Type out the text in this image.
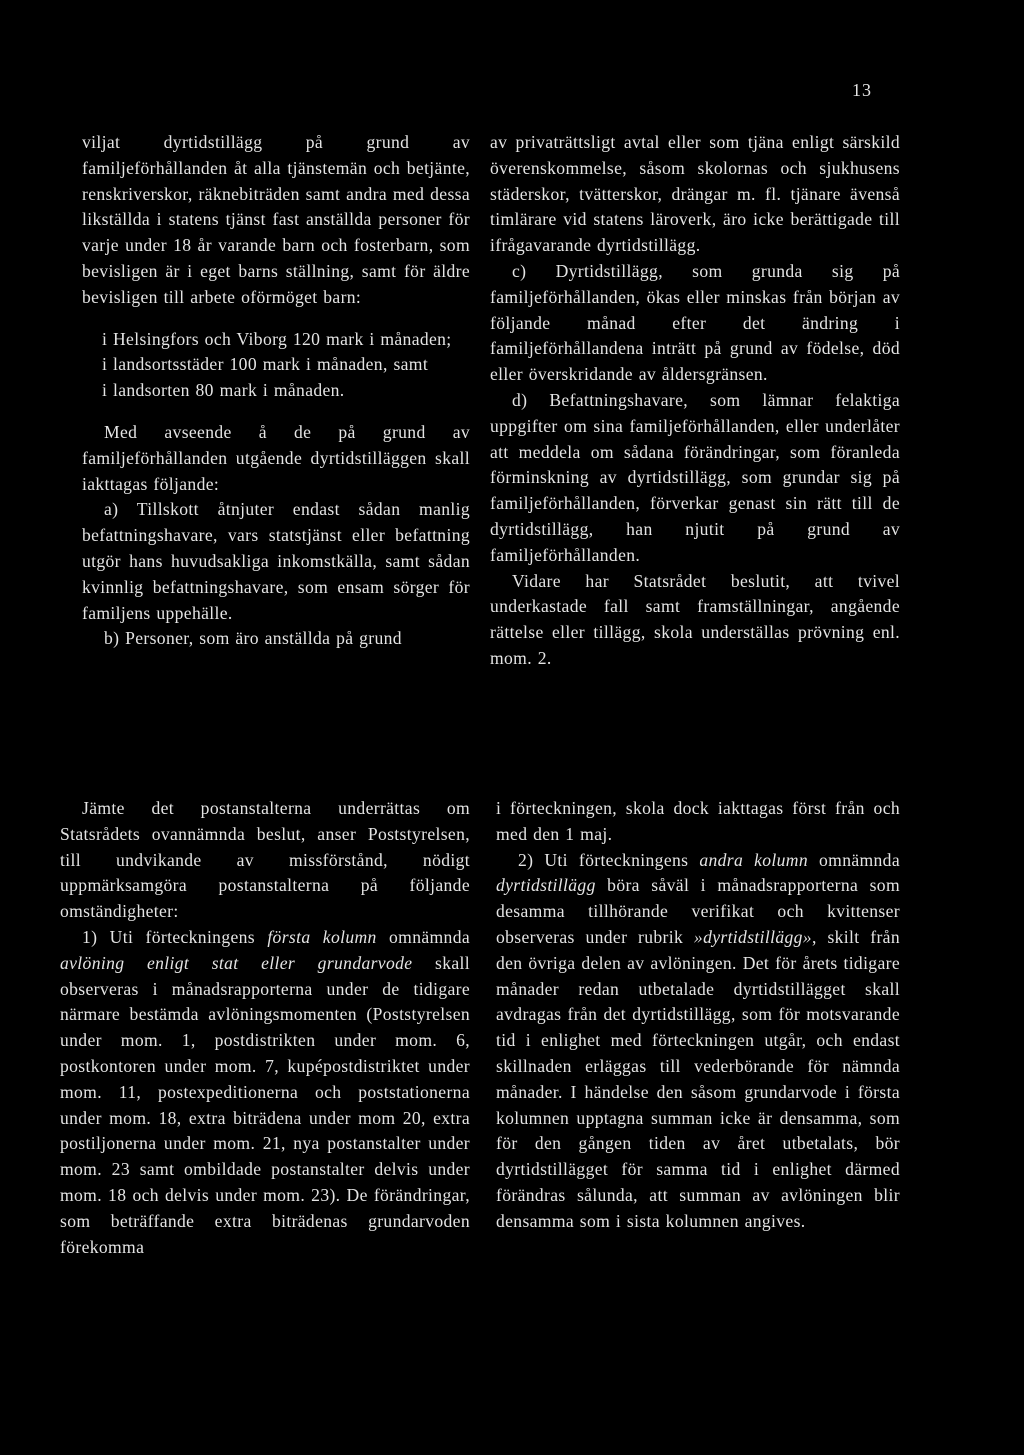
13

viljat dyrtidstillägg på grund av familjeförhållanden åt alla tjänstemän och betjänte, renskriverskor, räknebiträden samt andra med dessa likställda i statens tjänst fast anställda personer för varje under 18 år varande barn och fosterbarn, som bevisligen är i eget barns ställning, samt för äldre bevisligen till arbete oförmöget barn:

i Helsingfors och Viborg 120 mark i månaden;

i landsortsstäder 100 mark i månaden, samt

i landsorten 80 mark i månaden.

Med avseende å de på grund av familjeförhållanden utgående dyrtidstilläggen skall iakttagas följande:

a) Tillskott åtnjuter endast sådan manlig befattningshavare, vars statstjänst eller befattning utgör hans huvudsakliga inkomstkälla, samt sådan kvinnlig befattningshavare, som ensam sörger för familjens uppehälle.

b) Personer, som äro anställda på grund

av privaträttsligt avtal eller som tjäna enligt särskild överenskommelse, såsom skolornas och sjukhusens städerskor, tvätterskor, drängar m. fl. tjänare ävenså timlärare vid statens läroverk, äro icke berättigade till ifrågavarande dyrtidstillägg.

c) Dyrtidstillägg, som grunda sig på familjeförhållanden, ökas eller minskas från början av följande månad efter det ändring i familjeförhållandena inträtt på grund av födelse, död eller överskridande av åldersgränsen.

d) Befattningshavare, som lämnar felaktiga uppgifter om sina familjeförhållanden, eller underlåter att meddela om sådana förändringar, som föranleda förminskning av dyrtidstillägg, som grundar sig på familjeförhållanden, förverkar genast sin rätt till de dyrtidstillägg, han njutit på grund av familjeförhållanden.

Vidare har Statsrådet beslutit, att tvivel underkastade fall samt framställningar, angående rättelse eller tillägg, skola underställas prövning enl. mom. 2.

Jämte det postanstalterna underrättas om Statsrådets ovannämnda beslut, anser Poststyrelsen, till undvikande av missförstånd, nödigt uppmärksamgöra postanstalterna på följande omständigheter:

1) Uti förteckningens första kolumn omnämnda avlöning enligt stat eller grundarvode skall observeras i månadsrapporterna under de tidigare närmare bestämda avlöningsmomenten (Poststyrelsen under mom. 1, postdistrikten under mom. 6, postkontoren under mom. 7, kupépostdistriktet under mom. 11, postexpeditionerna och poststationerna under mom. 18, extra biträdena under mom 20, extra postiljonerna under mom. 21, nya postanstalter under mom. 23 samt ombildade postanstalter delvis under mom. 18 och delvis under mom. 23). De förändringar, som beträffande extra biträdenas grundarvoden förekomma

i förteckningen, skola dock iakttagas först från och med den 1 maj.

2) Uti förteckningens andra kolumn omnämnda dyrtidstillägg böra såväl i månadsrapporterna som desamma tillhörande verifikat och kvittenser observeras under rubrik »dyrtidstillägg», skilt från den övriga delen av avlöningen. Det för årets tidigare månader redan utbetalade dyrtidstillägget skall avdragas från det dyrtidstillägg, som för motsvarande tid i enlighet med förteckningen utgår, och endast skillnaden erläggas till vederbörande för nämnda månader. I händelse den såsom grundarvode i första kolumnen upptagna summan icke är densamma, som för den gången tiden av året utbetalats, bör dyrtidstillägget för samma tid i enlighet därmed förändras sålunda, att summan av avlöningen blir densamma som i sista kolumnen angives.
